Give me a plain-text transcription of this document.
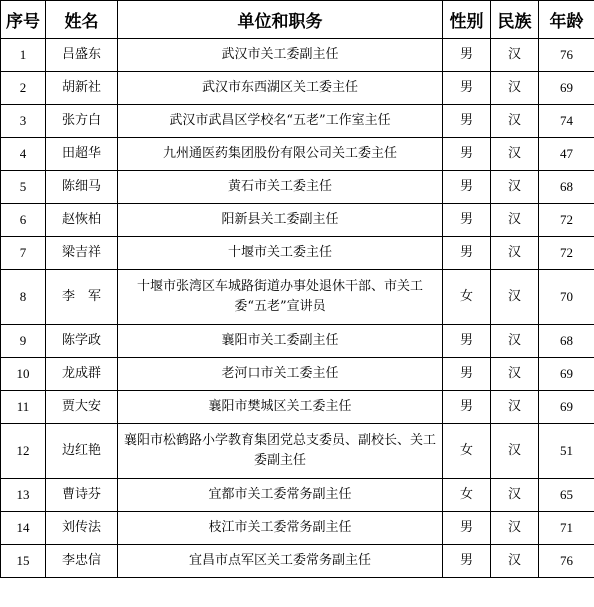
序号	姓名	单位和职务	性别	民族	年龄
1	吕盛东	武汉市关工委副主任	男	汉	76
2	胡新社	武汉市东西湖区关工委主任	男	汉	69
3	张方白	武汉市武昌区学校名“五老”工作室主任	男	汉	74
4	田超华	九州通医药集团股份有限公司关工委主任	男	汉	47
5	陈细马	黄石市关工委主任	男	汉	68
6	赵恢柏	阳新县关工委副主任	男	汉	72
7	梁吉祥	十堰市关工委主任	男	汉	72
8	李　军	十堰市张湾区车城路街道办事处退休干部、市关工委“五老”宣讲员	女	汉	70
9	陈学政	襄阳市关工委副主任	男	汉	68
10	龙成群	老河口市关工委主任	男	汉	69
11	贾大安	襄阳市樊城区关工委主任	男	汉	69
12	边红艳	襄阳市松鹤路小学教育集团党总支委员、副校长、关工委副主任	女	汉	51
13	曹诗芬	宜都市关工委常务副主任	女	汉	65
14	刘传法	枝江市关工委常务副主任	男	汉	71
15	李忠信	宜昌市点军区关工委常务副主任	男	汉	76
